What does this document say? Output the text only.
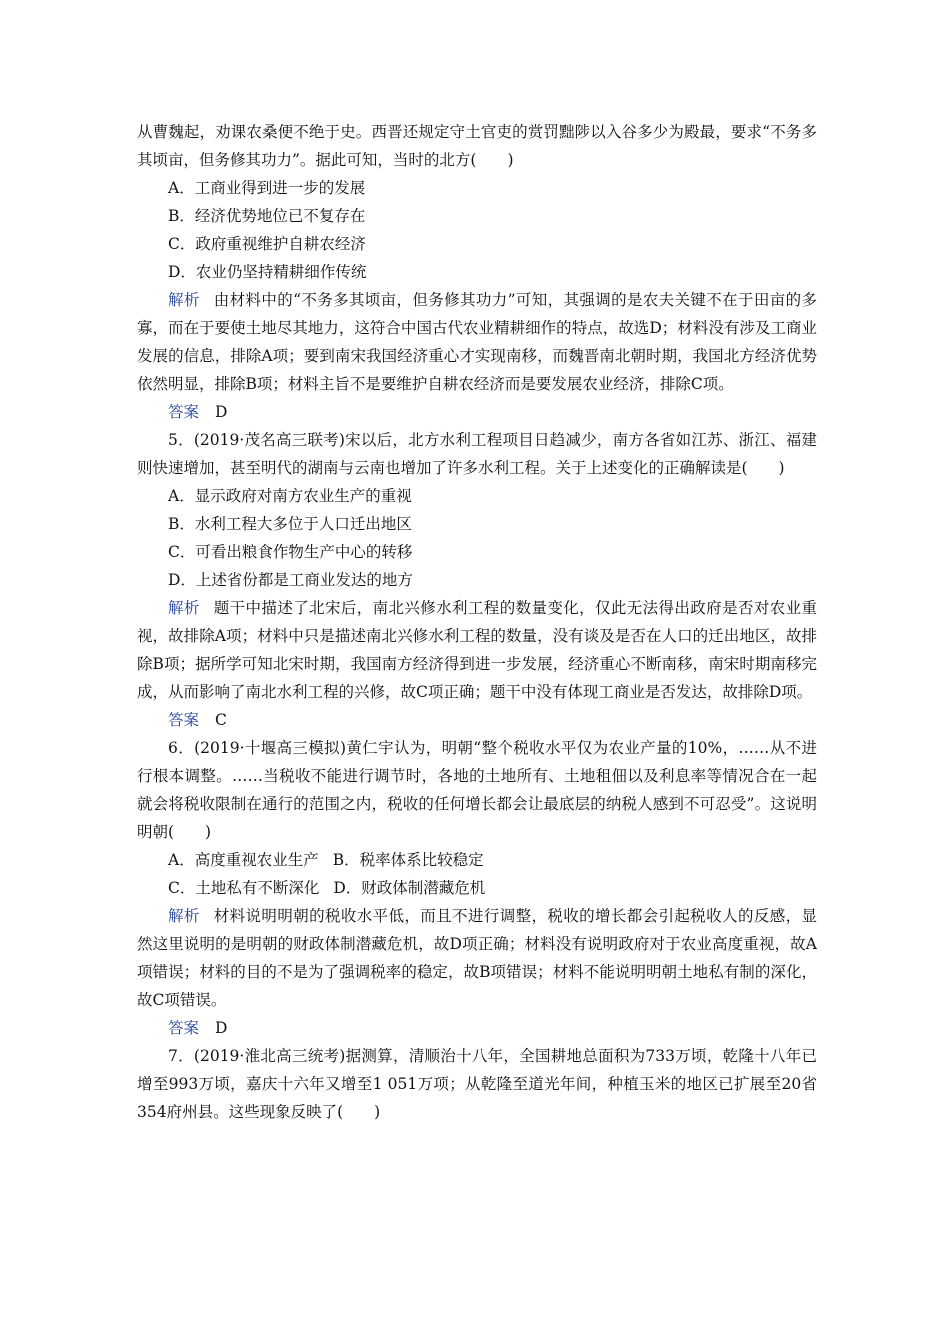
从曹魏起，劝课农桑便不绝于史。西晋还规定守土官吏的赏罚黜陟以入谷多少为殿最，要求“不务多其顷亩，但务修其功力”。据此可知，当时的北方(　　)

A．工商业得到进一步的发展

B．经济优势地位已不复存在

C．政府重视维护自耕农经济

D．农业仍坚持精耕细作传统

解析 由材料中的“不务多其顷亩，但务修其功力”可知，其强调的是农夫关键不在于田亩的多寡，而在于要使土地尽其地力，这符合中国古代农业精耕细作的特点，故选D；材料没有涉及工商业发展的信息，排除A项；要到南宋我国经济重心才实现南移，而魏晋南北朝时期，我国北方经济优势依然明显，排除B项；材料主旨不是要维护自耕农经济而是要发展农业经济，排除C项。

答案 D

5．(2019·茂名高三联考)宋以后，北方水利工程项目日趋减少，南方各省如江苏、浙江、福建则快速增加，甚至明代的湖南与云南也增加了许多水利工程。关于上述变化的正确解读是(　　)

A．显示政府对南方农业生产的重视

B．水利工程大多位于人口迁出地区

C．可看出粮食作物生产中心的转移

D．上述省份都是工商业发达的地方

解析 题干中描述了北宋后，南北兴修水利工程的数量变化，仅此无法得出政府是否对农业重视，故排除A项；材料中只是描述南北兴修水利工程的数量，没有谈及是否在人口的迁出地区，故排除B项；据所学可知北宋时期，我国南方经济得到进一步发展，经济重心不断南移，南宋时期南移完成，从而影响了南北水利工程的兴修，故C项正确；题干中没有体现工商业是否发达，故排除D项。

答案 C

6．(2019·十堰高三模拟)黄仁宇认为，明朝“整个税收水平仅为农业产量的10%，……从不进行根本调整。……当税收不能进行调节时，各地的土地所有、土地租佃以及利息率等情况合在一起就会将税收限制在通行的范围之内，税收的任何增长都会让最底层的纳税人感到不可忍受”。这说明明朝(　　)

A．高度重视农业生产 B．税率体系比较稳定

C．土地私有不断深化 D．财政体制潜藏危机

解析 材料说明明朝的税收水平低，而且不进行调整，税收的增长都会引起税收人的反感，显然这里说明的是明朝的财政体制潜藏危机，故D项正确；材料没有说明政府对于农业高度重视，故A项错误；材料的目的不是为了强调税率的稳定，故B项错误；材料不能说明明朝土地私有制的深化，故C项错误。

答案 D

7．(2019·淮北高三统考)据测算，清顺治十八年，全国耕地总面积为733万顷，乾隆十八年已增至993万顷，嘉庆十六年又增至1 051万项；从乾隆至道光年间，种植玉米的地区已扩展至20省354府州县。这些现象反映了(　　)
